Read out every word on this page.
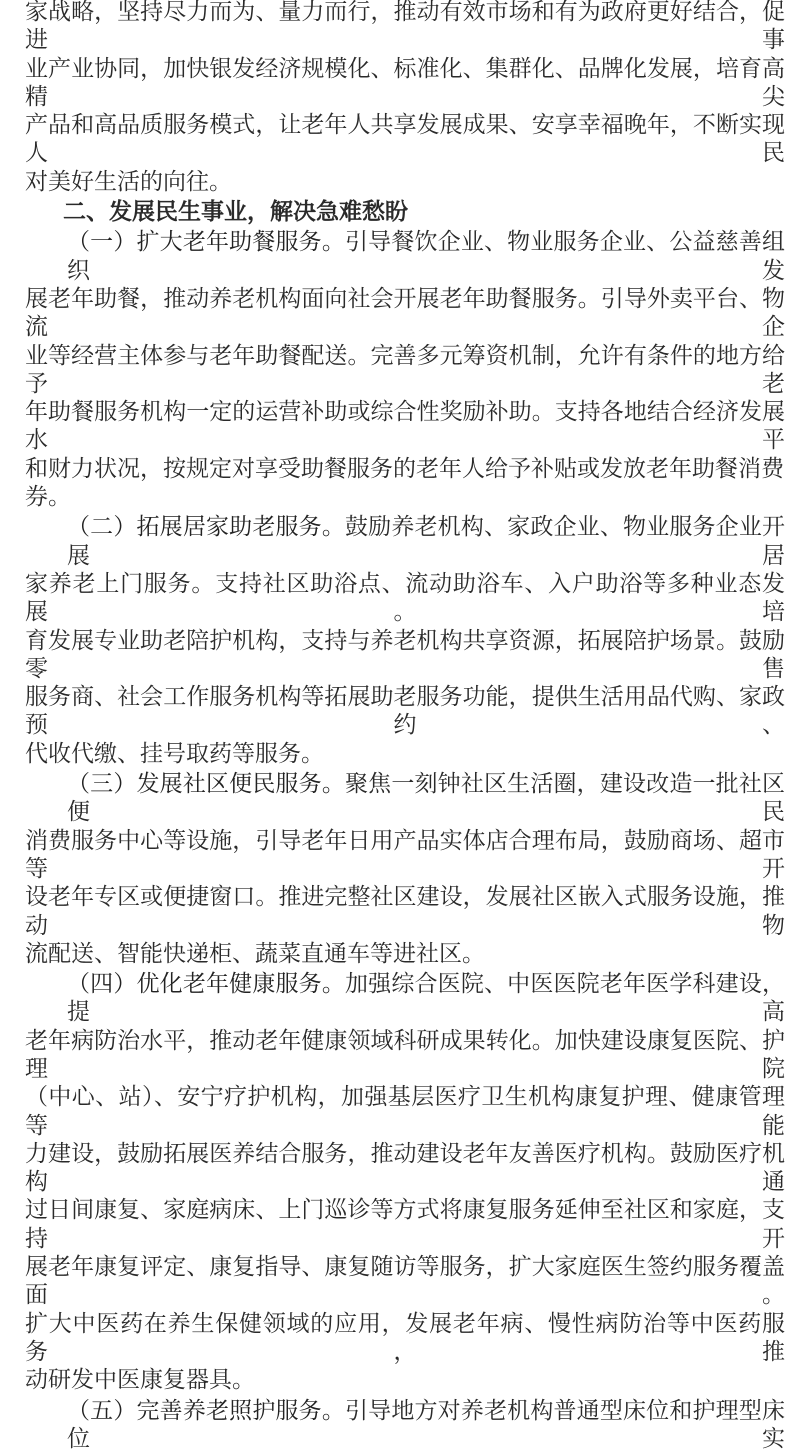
家战略，坚持尽力而为、量力而行，推动有效市场和有为政府更好结合，促进事
业产业协同，加快银发经济规模化、标准化、集群化、品牌化发展，培育高精尖
产品和高品质服务模式，让老年人共享发展成果、安享幸福晚年，不断实现人民
对美好生活的向往。
二、发展民生事业，解决急难愁盼
（一）扩大老年助餐服务。引导餐饮企业、物业服务企业、公益慈善组织发
展老年助餐，推动养老机构面向社会开展老年助餐服务。引导外卖平台、物流企
业等经营主体参与老年助餐配送。完善多元筹资机制，允许有条件的地方给予老
年助餐服务机构一定的运营补助或综合性奖励补助。支持各地结合经济发展水平
和财力状况，按规定对享受助餐服务的老年人给予补贴或发放老年助餐消费券。
（二）拓展居家助老服务。鼓励养老机构、家政企业、物业服务企业开展居
家养老上门服务。支持社区助浴点、流动助浴车、入户助浴等多种业态发展。培
育发展专业助老陪护机构，支持与养老机构共享资源，拓展陪护场景。鼓励零售
服务商、社会工作服务机构等拓展助老服务功能，提供生活用品代购、家政预约、
代收代缴、挂号取药等服务。
（三）发展社区便民服务。聚焦一刻钟社区生活圈，建设改造一批社区便民
消费服务中心等设施，引导老年日用产品实体店合理布局，鼓励商场、超市等开
设老年专区或便捷窗口。推进完整社区建设，发展社区嵌入式服务设施，推动物
流配送、智能快递柜、蔬菜直通车等进社区。
（四）优化老年健康服务。加强综合医院、中医医院老年医学科建设，提高
老年病防治水平，推动老年健康领域科研成果转化。加快建设康复医院、护理院
（中心、站）、安宁疗护机构，加强基层医疗卫生机构康复护理、健康管理等能
力建设，鼓励拓展医养结合服务，推动建设老年友善医疗机构。鼓励医疗机构通
过日间康复、家庭病床、上门巡诊等方式将康复服务延伸至社区和家庭，支持开
展老年康复评定、康复指导、康复随访等服务，扩大家庭医生签约服务覆盖面。
扩大中医药在养生保健领域的应用，发展老年病、慢性病防治等中医药服务，推
动研发中医康复器具。
（五）完善养老照护服务。引导地方对养老机构普通型床位和护理型床位实
